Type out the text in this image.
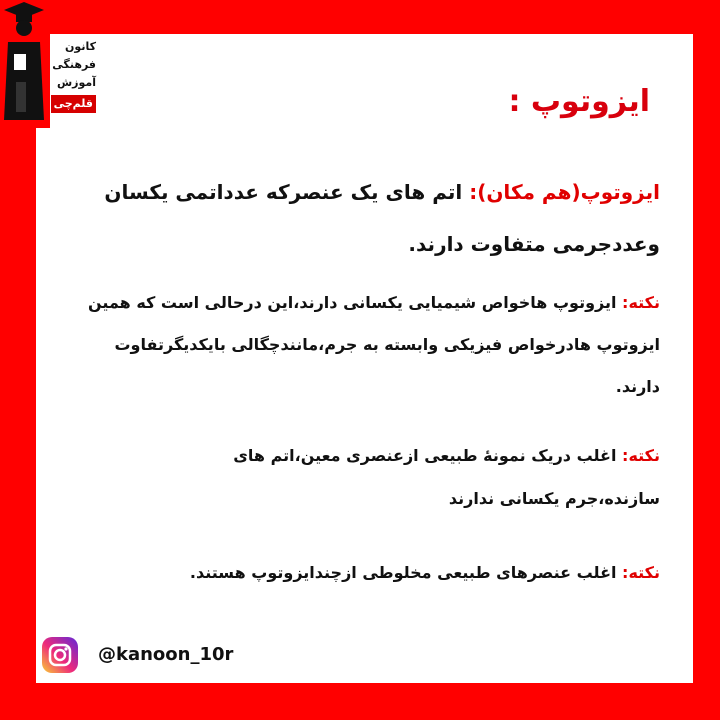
کانون
فرهنگی
آموزش
قلم‌چی	ایزوتوپ :
ایزوتوپ(هم مکان): اتم های یک عنصرکه عدداتمی یکسان
وعددجرمی متفاوت دارند.
نکته: ایزوتوپ هاخواص شیمیایی یکسانی دارند،این درحالی است که همین
ایزوتوپ هادرخواص فیزیکی وابسته به جرم،مانندچگالی بایکدیگرتفاوت
دارند.
نکته: اغلب دریک نمونۀ طبیعی ازعنصری معین،اتم های
سازنده،جرم یکسانی ندارند
نکته: اغلب عنصرهای طبیعی مخلوطی ازچندایزوتوپ هستند.
@kanoon_10r
